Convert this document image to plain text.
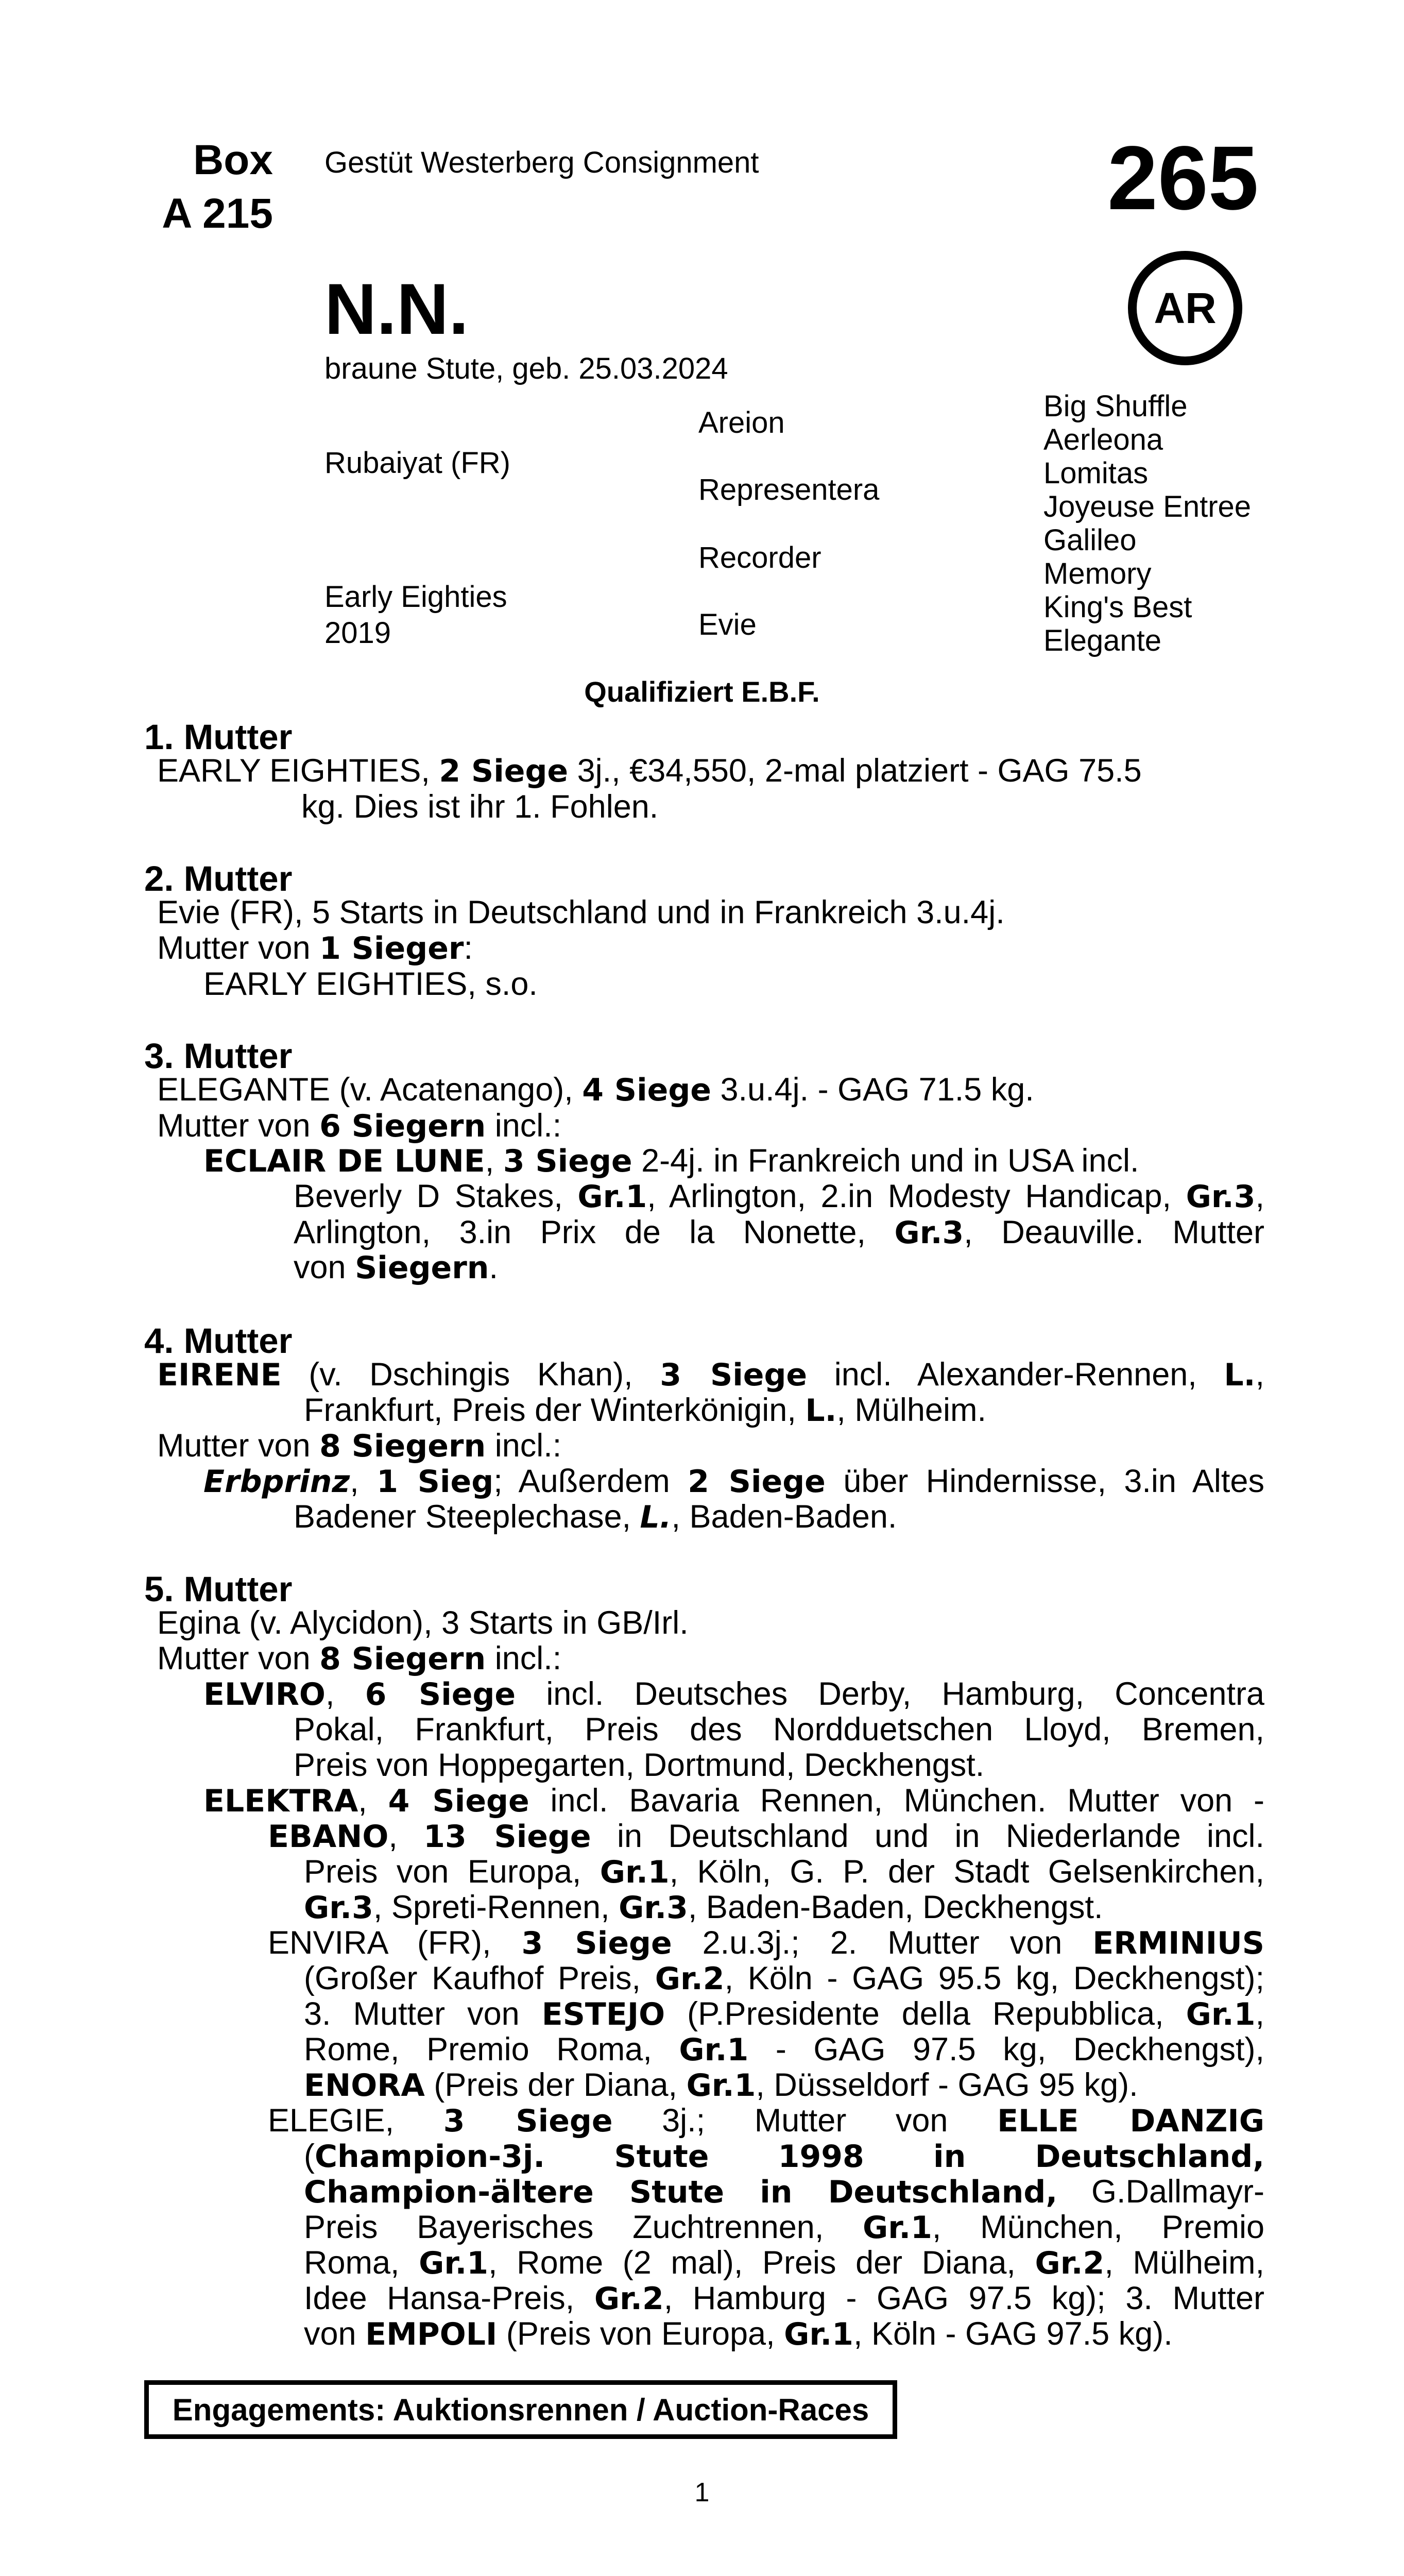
Box
A 215
Gestüt Westerberg Consignment	265
N.N.	AR
braune Stute, geb. 25.03.2024
Rubaiyat (FR)
Early Eighties
2019
Areion
Representera
Recorder
Evie
Big Shuffle
Aerleona
Lomitas
Joyeuse Entree
Galileo
Memory
King's Best
Elegante
Qualifiziert E.B.F.
1. Mutter
EARLY EIGHTIES, 2 Siege 3j., €34,550, 2-mal platziert - GAG 75.5
kg. Dies ist ihr 1. Fohlen.
2. Mutter
Evie (FR), 5 Starts in Deutschland und in Frankreich 3.u.4j.
Mutter von 1 Sieger:
EARLY EIGHTIES, s.o.
3. Mutter
ELEGANTE (v. Acatenango), 4 Siege 3.u.4j. - GAG 71.5 kg.
Mutter von 6 Siegern incl.:
ECLAIR DE LUNE, 3 Siege 2-4j. in Frankreich und in USA incl.
Beverly D Stakes, Gr.1, Arlington, 2.in Modesty Handicap, Gr.3, Arlington, 3.in Prix de la Nonette, Gr.3, Deauville. Mutter
von Siegern.
4. Mutter
EIRENE (v. Dschingis Khan), 3 Siege incl. Alexander-Rennen, L.,
Frankfurt, Preis der Winterkönigin, L., Mülheim.
Mutter von 8 Siegern incl.:
Erbprinz, 1 Sieg; Außerdem 2 Siege über Hindernisse, 3.in Altes
Badener Steeplechase, L., Baden-Baden.
5. Mutter
Egina (v. Alycidon), 3 Starts in GB/Irl.
Mutter von 8 Siegern incl.:
ELVIRO, 6 Siege incl. Deutsches Derby, Hamburg, Concentra
Pokal, Frankfurt, Preis des Nordduetschen Lloyd, Bremen,
Preis von Hoppegarten, Dortmund, Deckhengst.
ELEKTRA, 4 Siege incl. Bavaria Rennen, München. Mutter von -
EBANO, 13 Siege in Deutschland und in Niederlande incl.
Preis von Europa, Gr.1, Köln, G. P. der Stadt Gelsenkirchen,
Gr.3, Spreti-Rennen, Gr.3, Baden-Baden, Deckhengst.
ENVIRA (FR), 3 Siege 2.u.3j.; 2. Mutter von ERMINIUS
(Großer Kaufhof Preis, Gr.2, Köln - GAG 95.5 kg, Deckhengst);
3. Mutter von ESTEJO (P.Presidente della Repubblica, Gr.1,
Rome, Premio Roma, Gr.1 - GAG 97.5 kg, Deckhengst),
ENORA (Preis der Diana, Gr.1, Düsseldorf - GAG 95 kg).
ELEGIE, 3 Siege 3j.; Mutter von ELLE DANZIG
(Champion-3j. Stute 1998 in Deutschland,
Champion-ältere Stute in Deutschland, G.Dallmayr-
Preis Bayerisches Zuchtrennen, Gr.1, München, Premio
Roma, Gr.1, Rome (2 mal), Preis der Diana, Gr.2, Mülheim,
Idee Hansa-Preis, Gr.2, Hamburg - GAG 97.5 kg); 3. Mutter
von EMPOLI (Preis von Europa, Gr.1, Köln - GAG 97.5 kg).
Engagements: Auktionsrennen / Auction-Races
1
